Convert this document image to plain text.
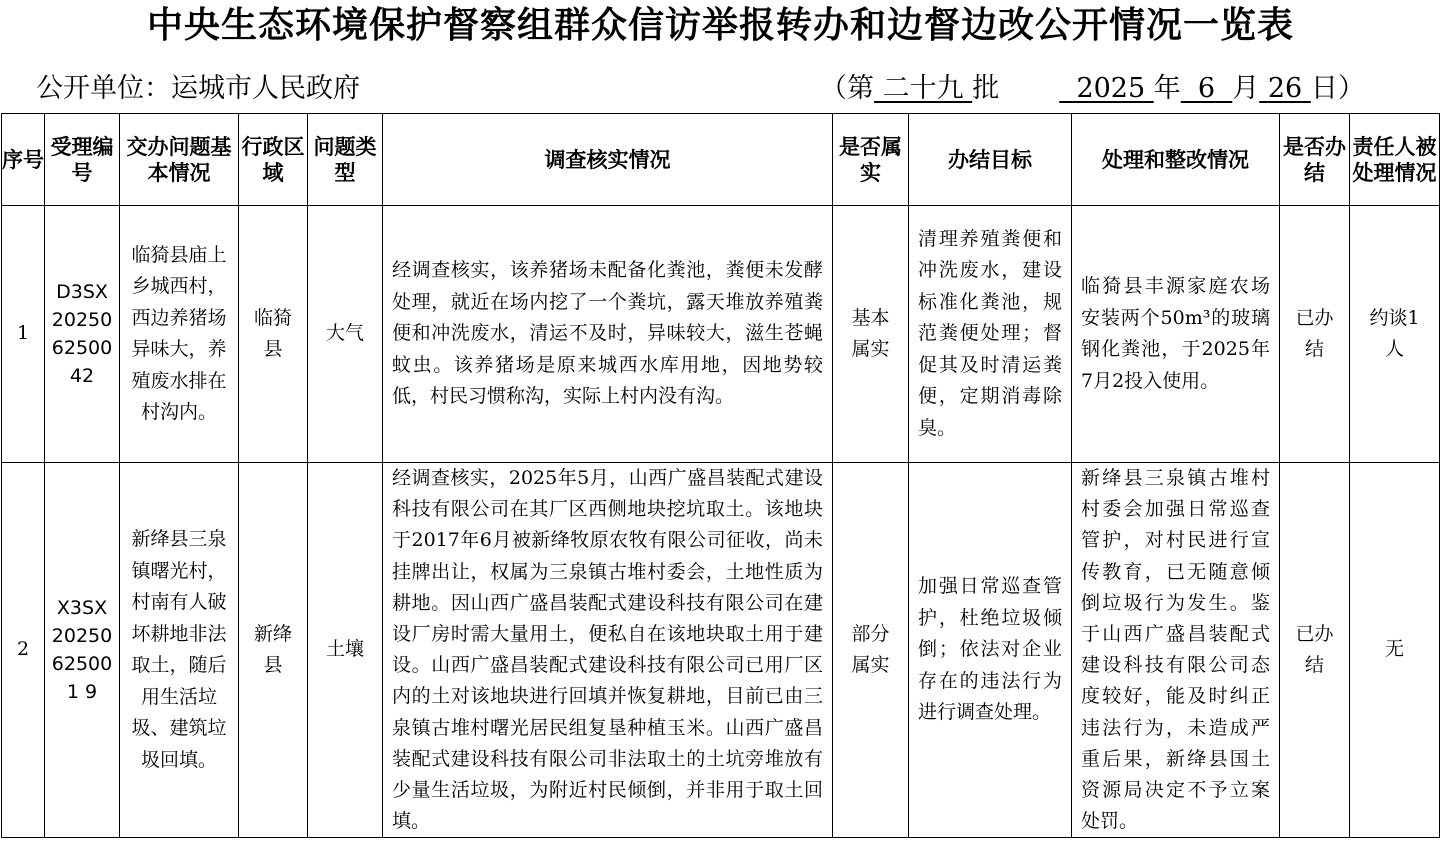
中央生态环境保护督察组群众信访举报转办和边督边改公开情况一览表
公开单位：运城市人民政府	（第 二十九 批	2025 年 6 月 26 日）
序号	受理编号	交办问题基本情况	行政区域	问题类型	调查核实情况	是否属实	办结目标	处理和整改情况	是否办结	责任人被处理情况
1	D3SX202506250042	临猗县庙上乡城西村，西边养猪场异味大，养殖废水排在村沟内。	临猗县	大气	经调查核实，该养猪场未配备化粪池，粪便未发酵处理，就近在场内挖了一个粪坑，露天堆放养殖粪便和冲洗废水，清运不及时，异味较大，滋生苍蝇蚊虫。该养猪场是原来城西水库用地，因地势较低，村民习惯称沟，实际上村内没有沟。	基本属实	清理养殖粪便和冲洗废水，建设标准化粪池，规范粪便处理；督促其及时清运粪便，定期消毒除臭。	临猗县丰源家庭农场安装两个50m³的玻璃钢化粪池，于2025年7月2投入使用。	已办结	约谈1人
2	X3SX20250625001 9	新绛县三泉镇曙光村，村南有人破坏耕地非法取土，随后用生活垃圾、建筑垃圾回填。	新绛县	土壤	经调查核实，2025年5月，山西广盛昌装配式建设科技有限公司在其厂区西侧地块挖坑取土。该地块于2017年6月被新绛牧原农牧有限公司征收，尚未挂牌出让，权属为三泉镇古堆村委会，土地性质为耕地。因山西广盛昌装配式建设科技有限公司在建设厂房时需大量用土，便私自在该地块取土用于建设。山西广盛昌装配式建设科技有限公司已用厂区内的土对该地块进行回填并恢复耕地，目前已由三泉镇古堆村曙光居民组复垦种植玉米。山西广盛昌装配式建设科技有限公司非法取土的土坑旁堆放有少量生活垃圾，为附近村民倾倒，并非用于取土回填。	部分属实	加强日常巡查管护，杜绝垃圾倾倒；依法对企业存在的违法行为进行调查处理。	新绛县三泉镇古堆村村委会加强日常巡查管护，对村民进行宣传教育，已无随意倾倒垃圾行为发生。鉴于山西广盛昌装配式建设科技有限公司态度较好，能及时纠正违法行为，未造成严重后果，新绛县国土资源局决定不予立案处罚。	已办结	无
